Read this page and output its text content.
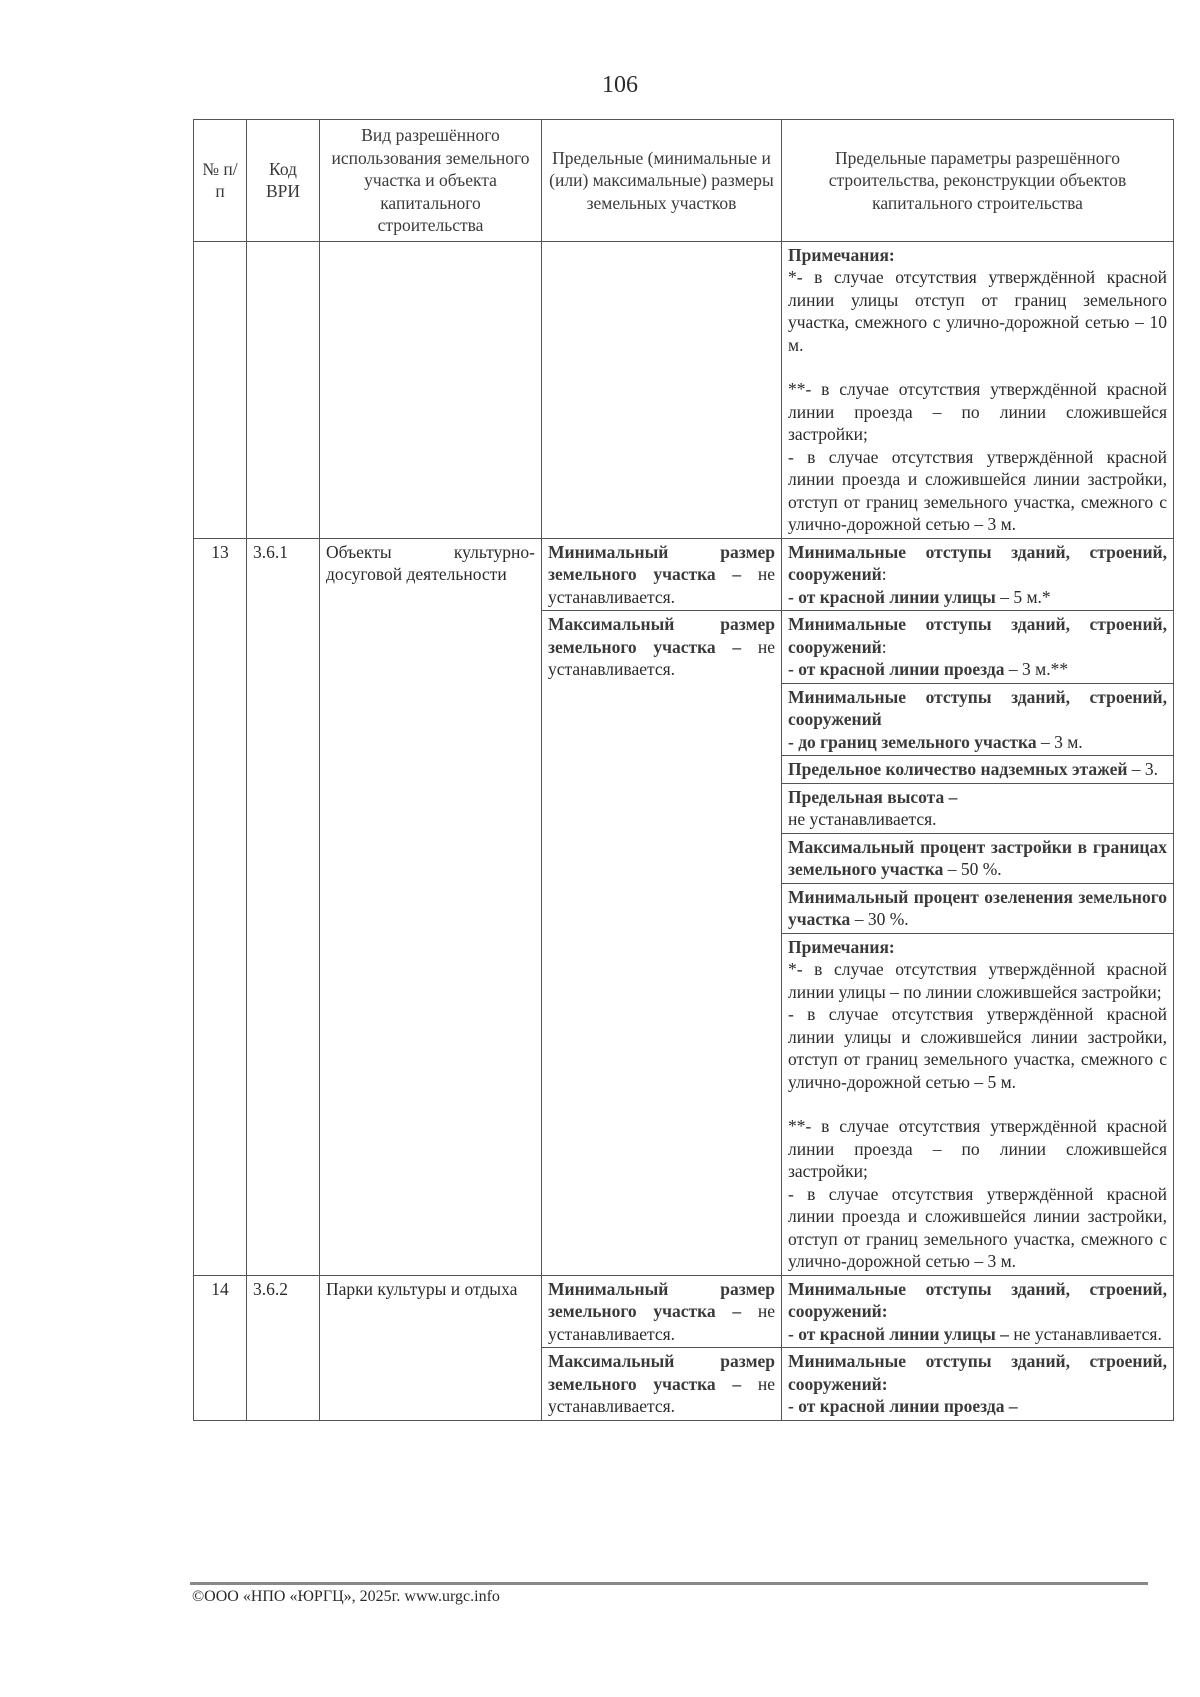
106
№ п/п	Код ВРИ	Вид разрешённого использования земельного участка и объекта капитального строительства	Предельные (минимальные и (или) максимальные) размеры земельных участков	Предельные параметры разрешённого строительства, реконструкции объектов капитального строительства

				Примечания:
*- в случае отсутствия утверждённой красной линии улицы отступ от границ земельного участка, смежного с улично-дорожной сетью – 10 м.
**- в случае отсутствия утверждённой красной линии проезда – по линии сложившейся застройки;
- в случае отсутствия утверждённой красной линии проезда и сложившейся линии застройки, отступ от границ земельного участка, смежного с улично-дорожной сетью – 3 м.

13	3.6.1	Объекты культурно-досуговой деятельности	Минимальный размер земельного участка – не устанавливается.	Минимальные отступы зданий, строений, сооружений:
- от красной линии улицы – 5 м.*
			Максимальный размер земельного участка – не устанавливается.	Минимальные отступы зданий, строений, сооружений:
- от красной линии проезда – 3 м.**
				Минимальные отступы зданий, строений, сооружений
- до границ земельного участка – 3 м.
				Предельное количество надземных этажей – 3.
				Предельная высота –
не устанавливается.
				Максимальный процент застройки в границах земельного участка – 50 %.
				Минимальный процент озеленения земельного участка – 30 %.

				Примечания:
*- в случае отсутствия утверждённой красной линии улицы – по линии сложившейся застройки;
- в случае отсутствия утверждённой красной линии улицы и сложившейся линии застройки, отступ от границ земельного участка, смежного с улично-дорожной сетью – 5 м.
**- в случае отсутствия утверждённой красной линии проезда – по линии сложившейся застройки;
- в случае отсутствия утверждённой красной линии проезда и сложившейся линии застройки, отступ от границ земельного участка, смежного с улично-дорожной сетью – 3 м.

14	3.6.2	Парки культуры и отдыха	Минимальный размер земельного участка – не устанавливается.	Минимальные отступы зданий, строений, сооружений:
- от красной линии улицы – не устанавливается.
			Максимальный размер земельного участка – не устанавливается.	Минимальные отступы зданий, строений, сооружений:
- от красной линии проезда –
©ООО «НПО «ЮРГЦ», 2025г. www.urgc.info
